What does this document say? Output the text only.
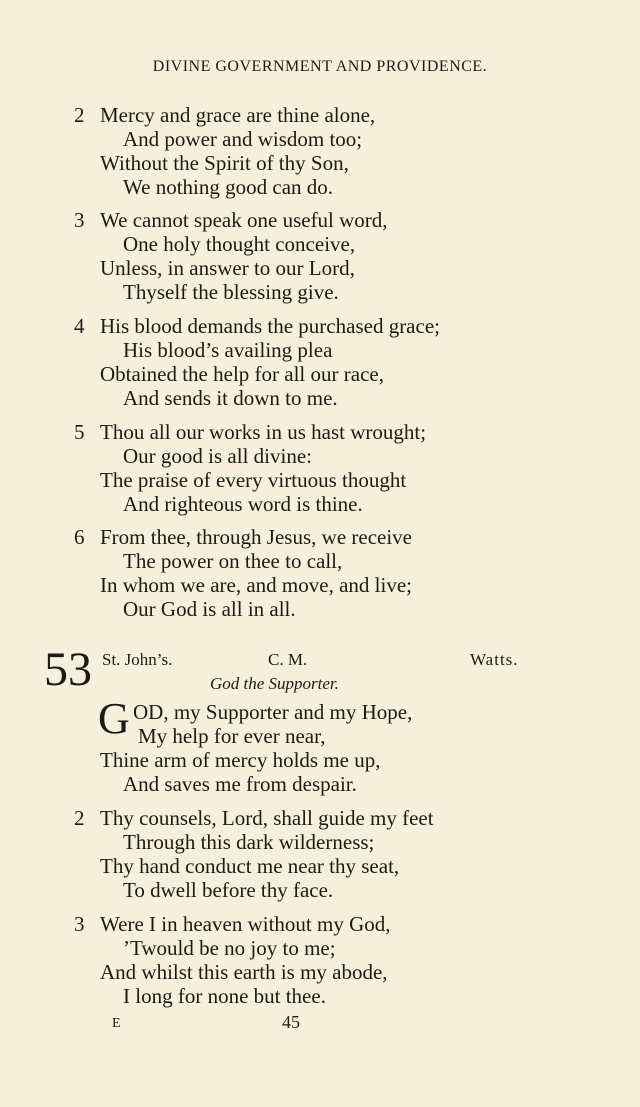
DIVINE GOVERNMENT AND PROVIDENCE.
2 Mercy and grace are thine alone,
And power and wisdom too;
Without the Spirit of thy Son,
We nothing good can do.
3 We cannot speak one useful word,
One holy thought conceive,
Unless, in answer to our Lord,
Thyself the blessing give.
4 His blood demands the purchased grace;
His blood’s availing plea
Obtained the help for all our race,
And sends it down to me.
5 Thou all our works in us hast wrought;
Our good is all divine:
The praise of every virtuous thought
And righteous word is thine.
6 From thee, through Jesus, we receive
The power on thee to call,
In whom we are, and move, and live;
Our God is all in all.
53 St. John’s.	C. M.	Watts.
God the Supporter.
G OD, my Supporter and my Hope,
My help for ever near,
Thine arm of mercy holds me up,
And saves me from despair.
2 Thy counsels, Lord, shall guide my feet
Through this dark wilderness;
Thy hand conduct me near thy seat,
To dwell before thy face.
3 Were I in heaven without my God,
’Twould be no joy to me;
And whilst this earth is my abode,
I long for none but thee.
E	45
